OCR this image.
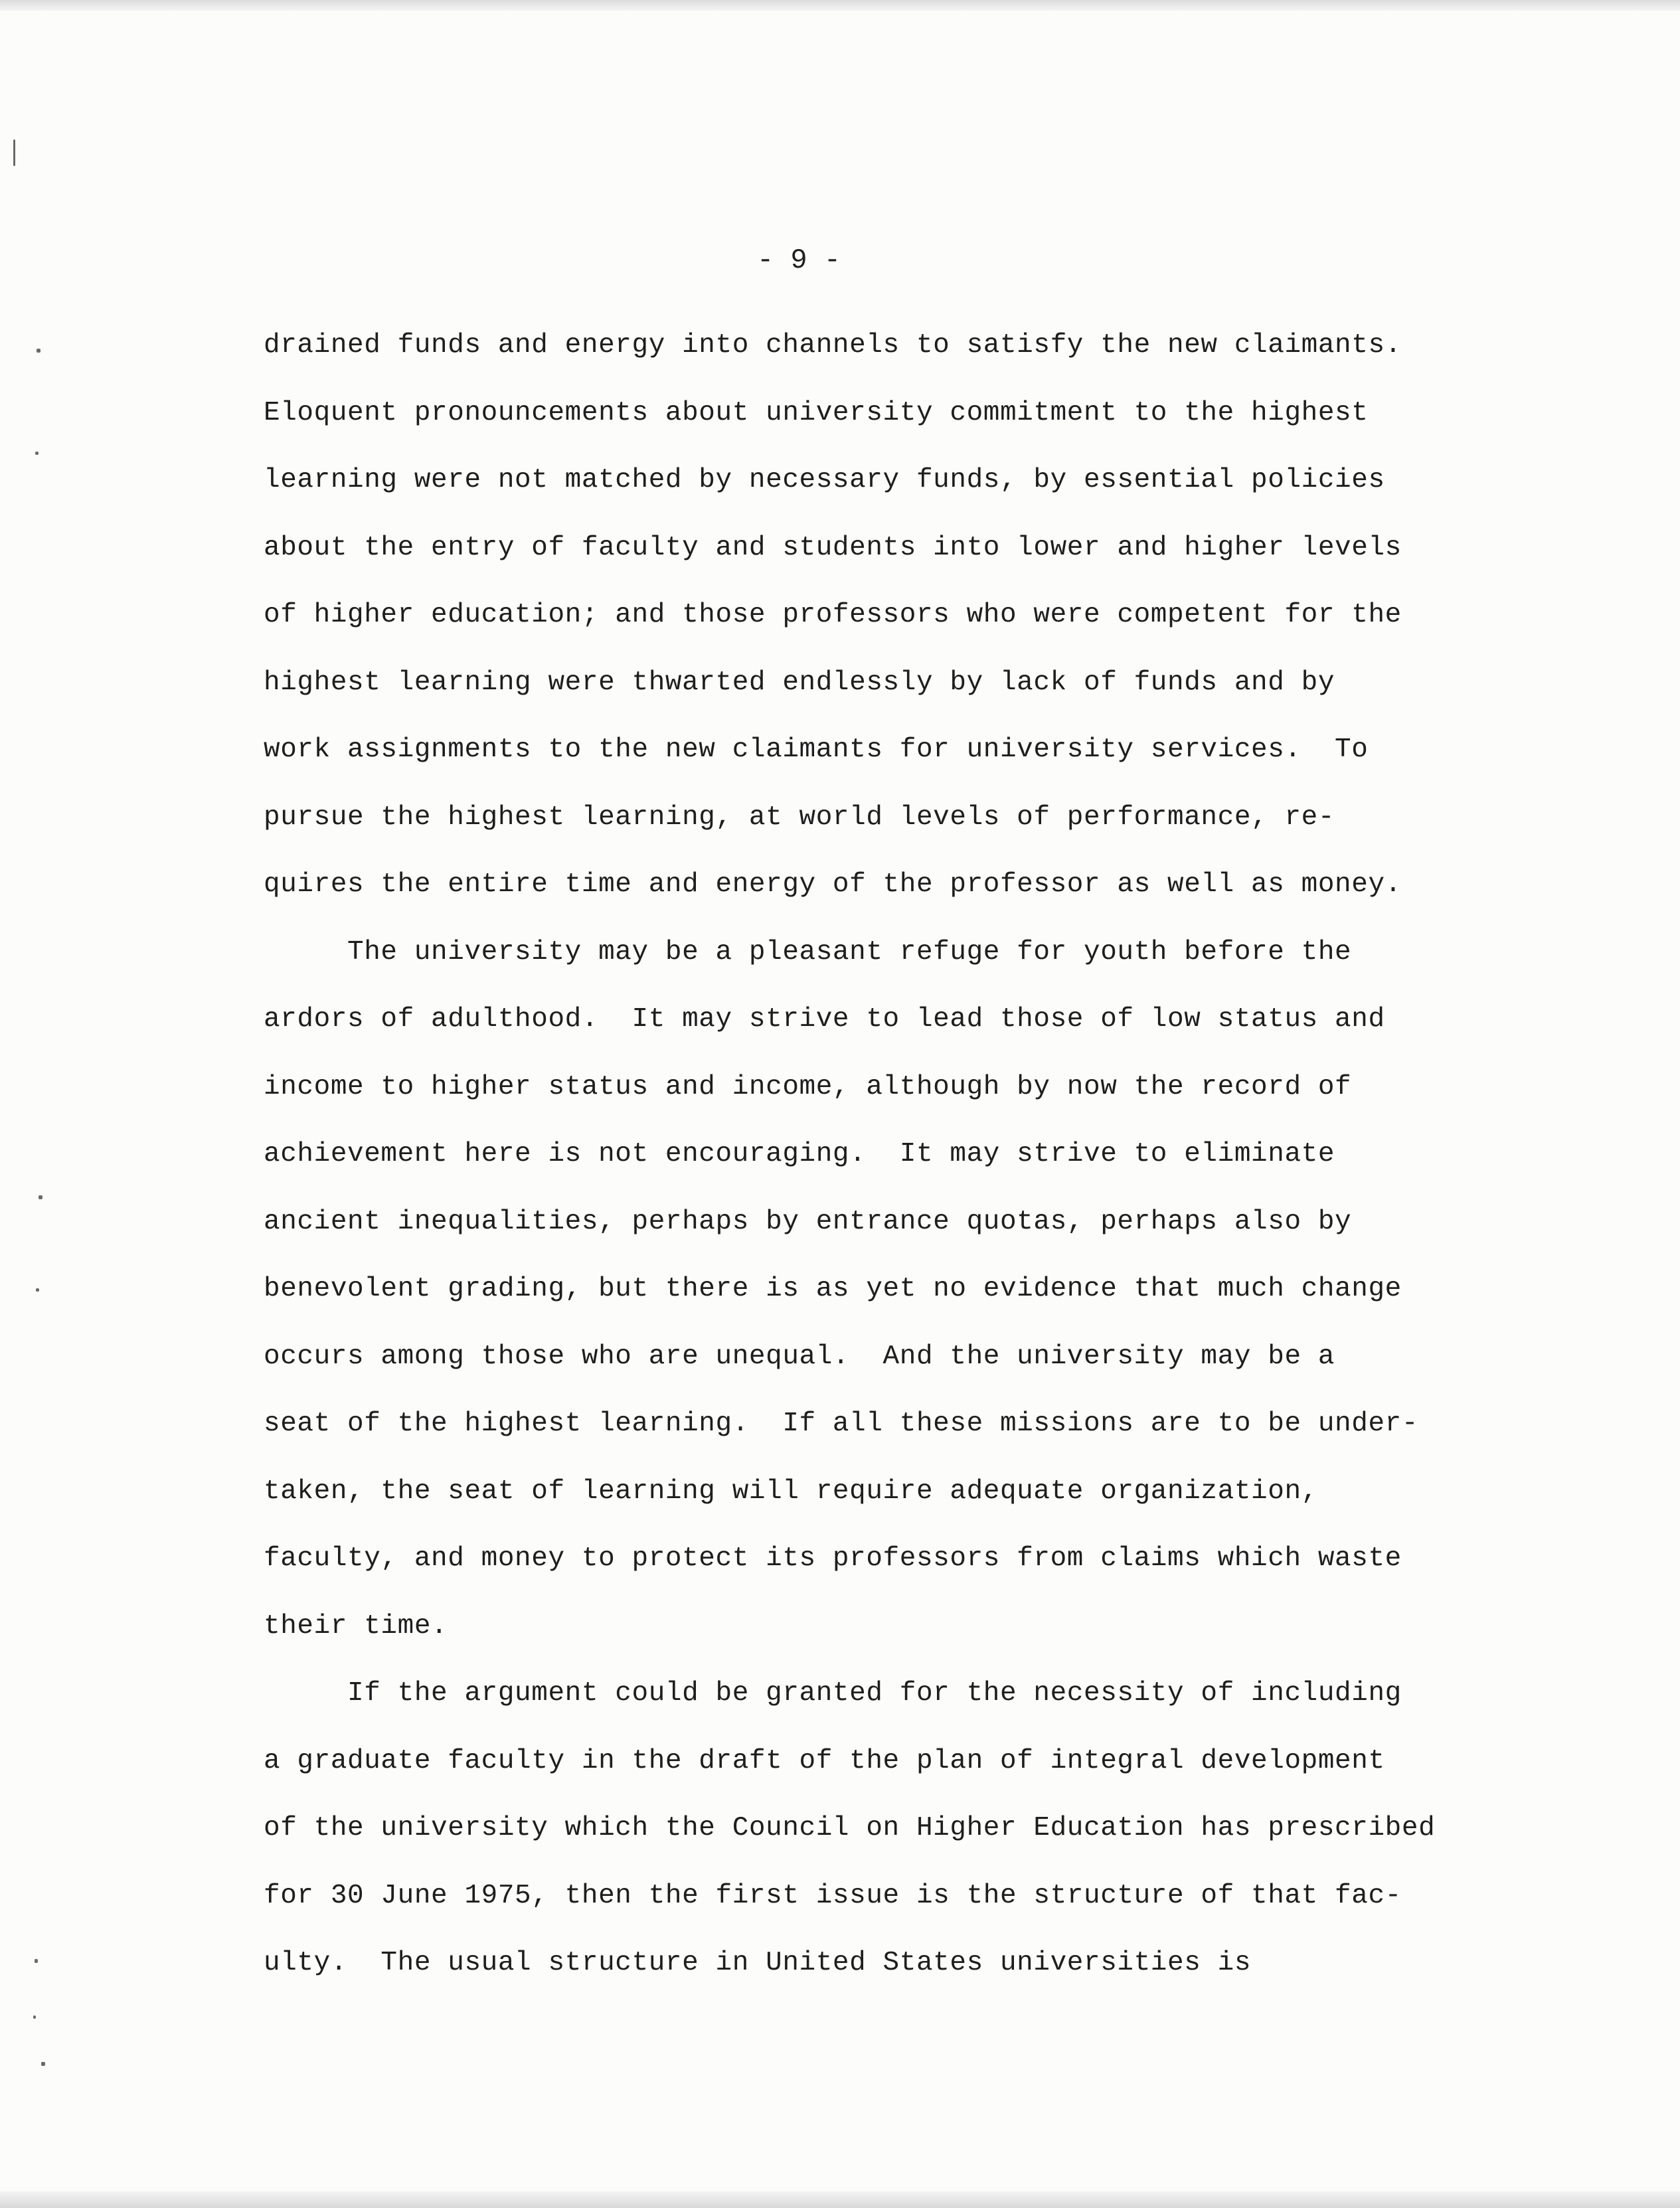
- 9 -
drained funds and energy into channels to satisfy the new claimants.
Eloquent pronouncements about university commitment to the highest
learning were not matched by necessary funds, by essential policies
about the entry of faculty and students into lower and higher levels
of higher education; and those professors who were competent for the
highest learning were thwarted endlessly by lack of funds and by
work assignments to the new claimants for university services.  To
pursue the highest learning, at world levels of performance, re-
quires the entire time and energy of the professor as well as money.
The university may be a pleasant refuge for youth before the
ardors of adulthood.  It may strive to lead those of low status and
income to higher status and income, although by now the record of
achievement here is not encouraging.  It may strive to eliminate
ancient inequalities, perhaps by entrance quotas, perhaps also by
benevolent grading, but there is as yet no evidence that much change
occurs among those who are unequal.  And the university may be a
seat of the highest learning.  If all these missions are to be under-
taken, the seat of learning will require adequate organization,
faculty, and money to protect its professors from claims which waste
their time.
If the argument could be granted for the necessity of including
a graduate faculty in the draft of the plan of integral development
of the university which the Council on Higher Education has prescribed
for 30 June 1975, then the first issue is the structure of that fac-
ulty.  The usual structure in United States universities is
